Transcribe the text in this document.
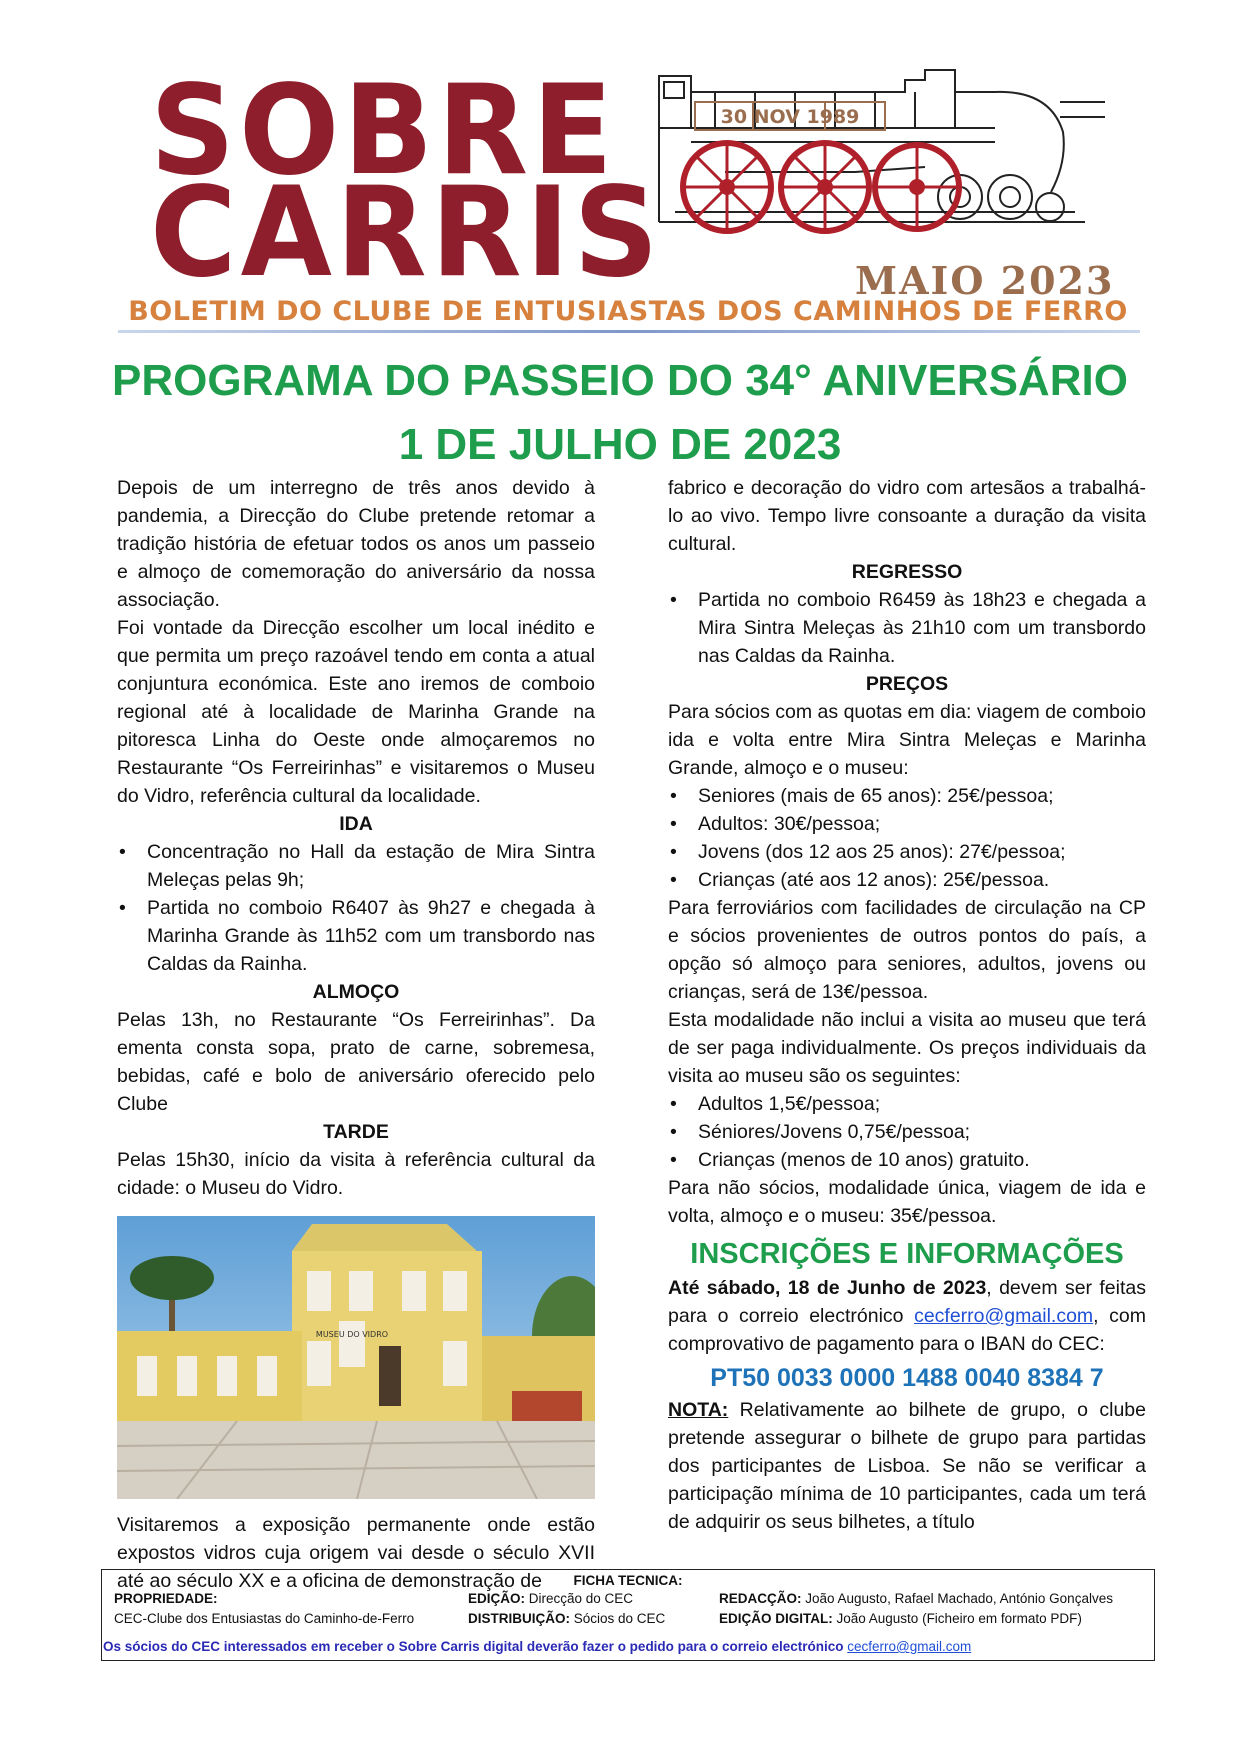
SOBRE
CARRIS
30 NOV 1989
MAIO 2023
BOLETIM DO CLUBE DE ENTUSIASTAS DOS CAMINHOS DE FERRO
PROGRAMA DO PASSEIO DO 34° ANIVERSÁRIO
1 DE JULHO DE 2023

Depois de um interregno de três anos devido à pandemia, a Direcção do Clube pretende retomar a tradição história de efetuar todos os anos um passeio e almoço de comemoração do aniversário da nossa associação.

Foi vontade da Direcção escolher um local inédito e que permita um preço razoável tendo em conta a atual conjuntura económica. Este ano iremos de comboio regional até à localidade de Marinha Grande na pitoresca Linha do Oeste onde almoçaremos no Restaurante “Os Ferreirinhas” e visitaremos o Museu do Vidro, referência cultural da localidade.

IDA
• Concentração no Hall da estação de Mira Sintra Meleças pelas 9h;
• Partida no comboio R6407 às 9h27 e chegada à Marinha Grande às 11h52 com um transbordo nas Caldas da Rainha.
ALMOÇO

Pelas 13h, no Restaurante “Os Ferreirinhas”. Da ementa consta sopa, prato de carne, sobremesa, bebidas, café e bolo de aniversário oferecido pelo Clube

TARDE

Pelas 15h30, início da visita à referência cultural da cidade: o Museu do Vidro.

MUSEU DO VIDRO

Visitaremos a exposição permanente onde estão expostos vidros cuja origem vai desde o século XVII até ao século XX e a oficina de demonstração de

fabrico e decoração do vidro com artesãos a trabalhá-lo ao vivo. Tempo livre consoante a duração da visita cultural.

REGRESSO
• Partida no comboio R6459 às 18h23 e chegada a Mira Sintra Meleças às 21h10 com um transbordo nas Caldas da Rainha.
PREÇOS

Para sócios com as quotas em dia: viagem de comboio ida e volta entre Mira Sintra Meleças e Marinha Grande, almoço e o museu:

• Seniores (mais de 65 anos): 25€/pessoa;
• Adultos: 30€/pessoa;
• Jovens (dos 12 aos 25 anos): 27€/pessoa;
• Crianças (até aos 12 anos): 25€/pessoa.

Para ferroviários com facilidades de circulação na CP e sócios provenientes de outros pontos do país, a opção só almoço para seniores, adultos, jovens ou crianças, será de 13€/pessoa.

Esta modalidade não inclui a visita ao museu que terá de ser paga individualmente. Os preços individuais da visita ao museu são os seguintes:

• Adultos 1,5€/pessoa;
• Séniores/Jovens 0,75€/pessoa;
• Crianças (menos de 10 anos) gratuito.

Para não sócios, modalidade única, viagem de ida e volta, almoço e o museu: 35€/pessoa.

INSCRIÇÕES E INFORMAÇÕES

Até sábado, 18 de Junho de 2023, devem ser feitas para o correio electrónico cecferro@gmail.com, com comprovativo de pagamento para o IBAN do CEC:

PT50 0033 0000 1488 0040 8384 7

NOTA: Relativamente ao bilhete de grupo, o clube pretende assegurar o bilhete de grupo para partidas dos participantes de Lisboa. Se não se verificar a participação mínima de 10 participantes, cada um terá de adquirir os seus bilhetes, a título

FICHA TECNICA:
PROPRIEDADE:
CEC-Clube dos Entusiastas do Caminho-de-Ferro
EDIÇÃO: Direcção do CEC
DISTRIBUIÇÃO: Sócios do CEC
REDACÇÃO: João Augusto, Rafael Machado, António Gonçalves
EDIÇÃO DIGITAL: João Augusto (Ficheiro em formato PDF)
Os sócios do CEC interessados em receber o Sobre Carris digital deverão fazer o pedido para o correio electrónico cecferro@gmail.com
